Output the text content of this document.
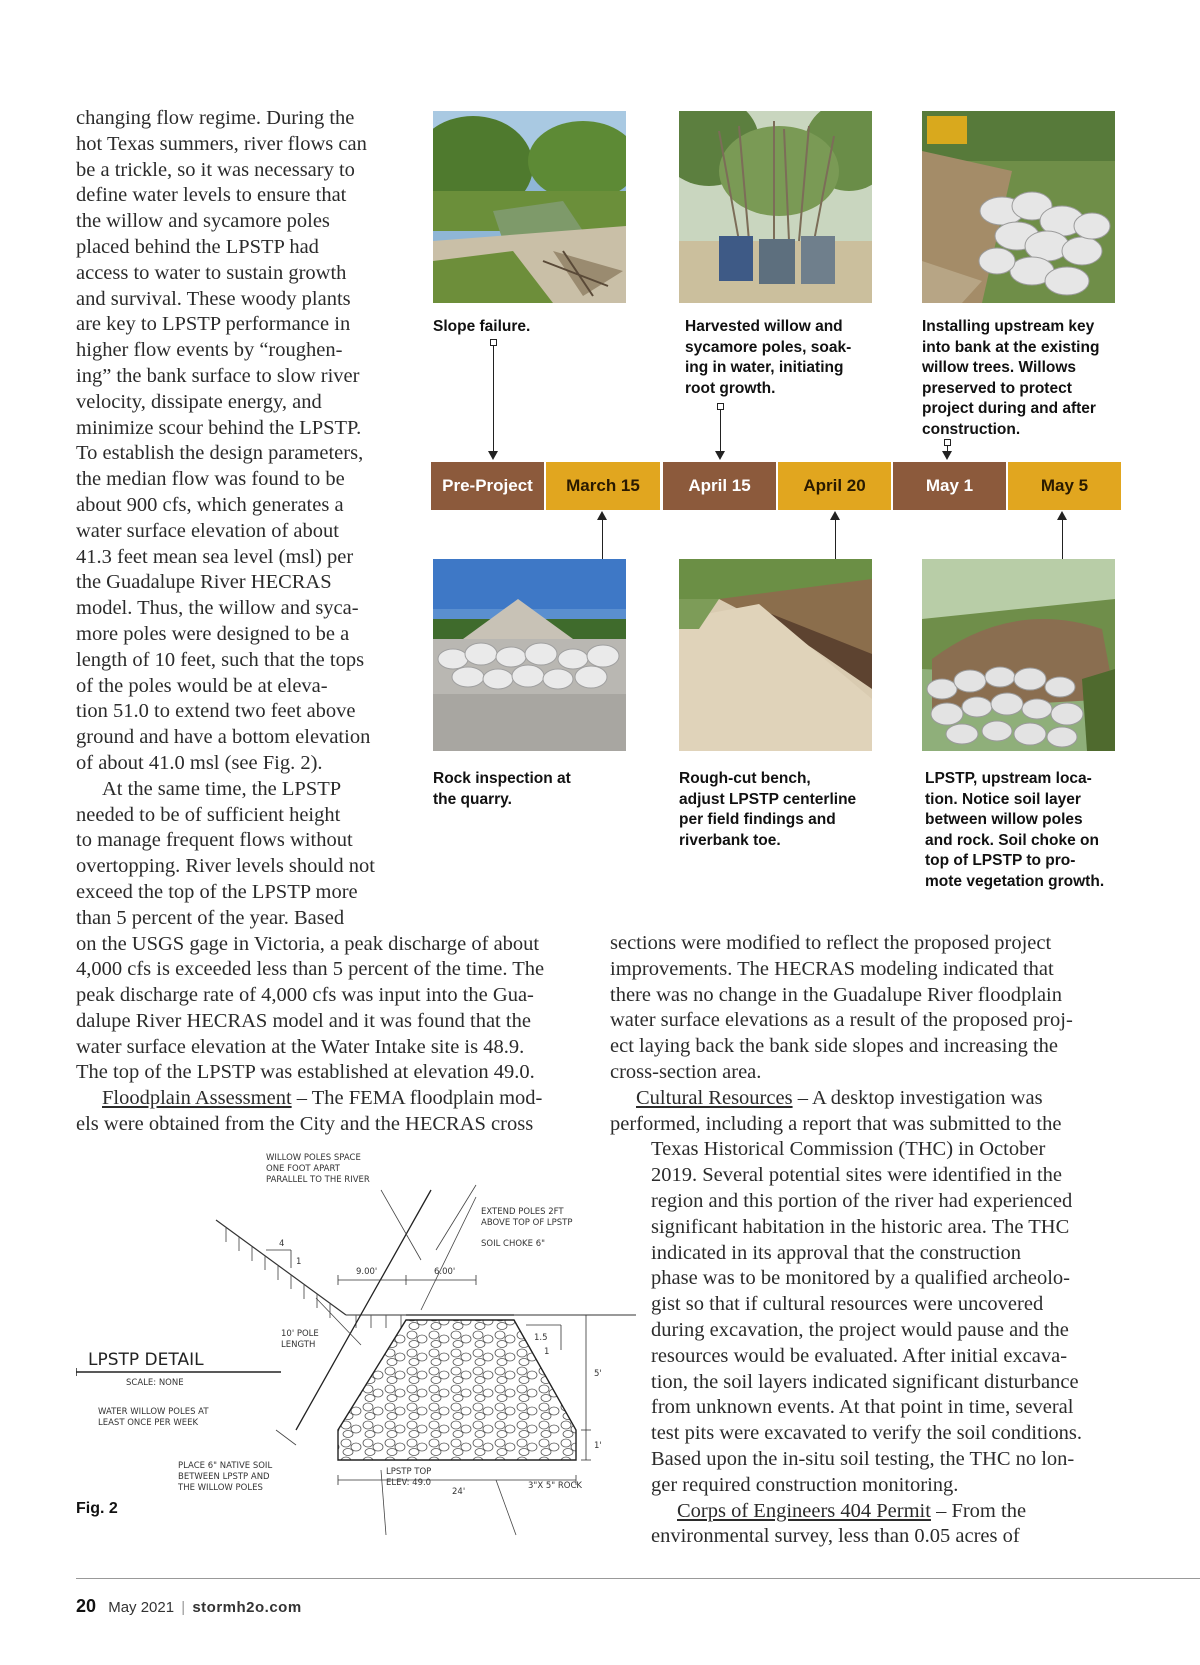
changing flow regime. During the
hot Texas summers, river flows can
be a trickle, so it was necessary to
define water levels to ensure that
the willow and sycamore poles
placed behind the LPSTP had
access to water to sustain growth
and survival. These woody plants
are key to LPSTP performance in
higher flow events by “roughen-
ing” the bank surface to slow river
velocity, dissipate energy, and
minimize scour behind the LPSTP.
To establish the design parameters,
the median flow was found to be
about 900 cfs, which generates a
water surface elevation of about
41.3 feet mean sea level (msl) per
the Guadalupe River HECRAS
model. Thus, the willow and syca-
more poles were designed to be a
length of 10 feet, such that the tops
of the poles would be at eleva-
tion 51.0 to extend two feet above
ground and have a bottom elevation
of about 41.0 msl (see Fig. 2).
At the same time, the LPSTP
needed to be of sufficient height
to manage frequent flows without
overtopping. River levels should not
exceed the top of the LPSTP more
than 5 percent of the year. Based
on the USGS gage in Victoria, a peak discharge of about
4,000 cfs is exceeded less than 5 percent of the time. The
peak discharge rate of 4,000 cfs was input into the Gua-
dalupe River HECRAS model and it was found that the
water surface elevation at the Water Intake site is 48.9.
The top of the LPSTP was established at elevation 49.0.
Floodplain Assessment – The FEMA floodplain mod-
els were obtained from the City and the HECRAS cross
sections were modified to reflect the proposed project
improvements. The HECRAS modeling indicated that
there was no change in the Guadalupe River floodplain
water surface elevations as a result of the proposed proj-
ect laying back the bank side slopes and increasing the
cross-section area.
Cultural Resources – A desktop investigation was
performed, including a report that was submitted to the
Texas Historical Commission (THC) in October
2019. Several potential sites were identified in the
region and this portion of the river had experienced
significant habitation in the historic area. The THC
indicated in its approval that the construction
phase was to be monitored by a qualified archeolo-
gist so that if cultural resources were uncovered
during excavation, the project would pause and the
resources would be evaluated. After initial excava-
tion, the soil layers indicated significant disturbance
from unknown events. At that point in time, several
test pits were excavated to verify the soil conditions.
Based upon the in-situ soil testing, the THC no lon-
ger required construction monitoring.
Corps of Engineers 404 Permit – From the
environmental survey, less than 0.05 acres of
Slope failure.	Harvested willow and
sycamore poles, soak-
ing in water, initiating
root growth.
Installing upstream key
into bank at the existing
willow trees. Willows
preserved to protect
project during and after
construction.
Pre-Project	March 15	April 15	April 20	May 1	May 5
Rock inspection at
the quarry.
Rough-cut bench,
adjust LPSTP centerline
per field findings and
riverbank toe.
LPSTP, upstream loca-
tion. Notice soil layer
between willow poles
and rock. Soil choke on
top of LPSTP to pro-
mote vegetation growth.
4
1
9.00'	6.00'
24'
1.5
1
5'
1'
WILLOW POLES SPACE
ONE FOOT APART
PARALLEL TO THE RIVER
EXTEND POLES 2FT
ABOVE TOP OF LPSTP
SOIL CHOKE 6"
10' POLE
LENGTH
PLACE 6" NATIVE SOIL
BETWEEN LPSTP AND
THE WILLOW POLES
LPSTP TOP
ELEV: 49.0	3"X 5" ROCK
LPSTP DETAIL
SCALE: NONE
WATER WILLOW POLES AT
LEAST ONCE PER WEEK
Fig. 2
20 May 2021 | stormh2o.com
